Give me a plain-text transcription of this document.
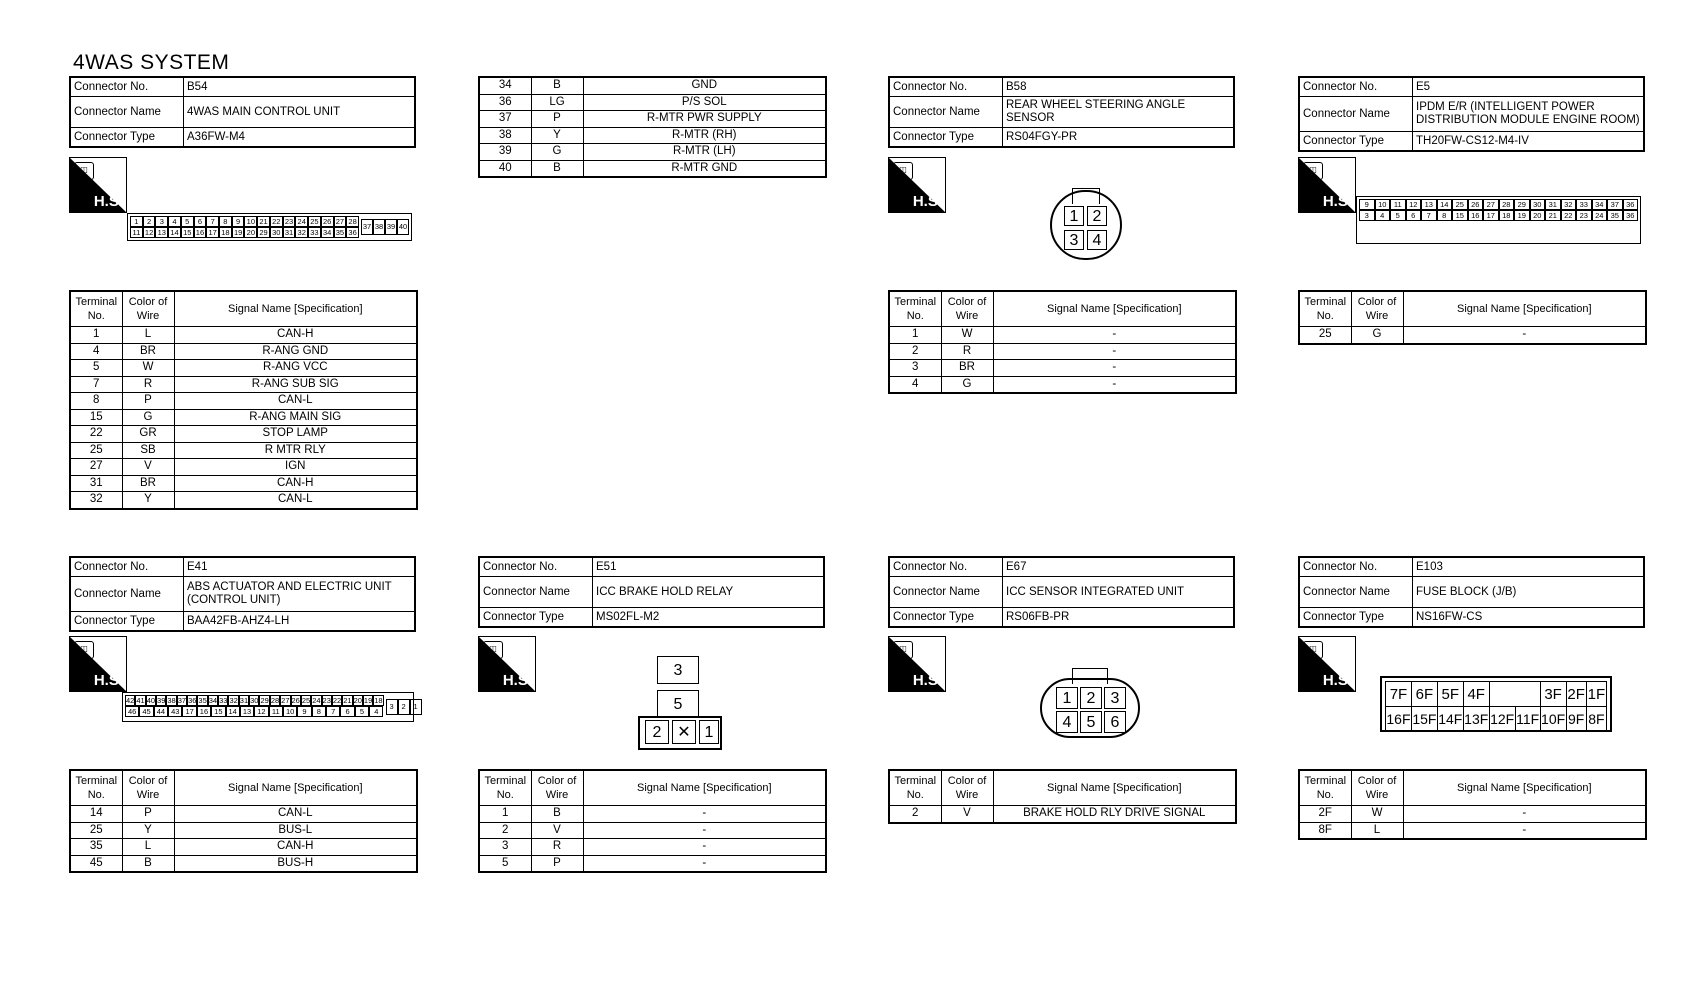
4WAS SYSTEM
Connector No.	B54
Connector Name	4WAS MAIN CONTROL UNIT
Connector Type	A36FW-M4
◫
H.S.
1	2	3	4	5	6	7	8	9 10 21 22 23 24 25 26 27 28
11 12 13 14 15 16 17 18 19 20 29 30 31 32 33 34 35 36
37 38 39 40
Terminal No.	Color of Wire	Signal Name [Specification]
1	L	CAN-H
4	BR	R-ANG GND
5	W	R-ANG VCC
7	R	R-ANG SUB SIG
8	P	CAN-L
15	G	R-ANG MAIN SIG
22	GR	STOP LAMP
25	SB	R MTR RLY
27	V	IGN
31	BR	CAN-H
32	Y	CAN-L
34	B	GND
36	LG	P/S SOL
37	P	R-MTR PWR SUPPLY
38	Y	R-MTR (RH)
39	G	R-MTR (LH)
40	B	R-MTR GND
Connector No.	B58
Connector Name	REAR WHEEL STEERING ANGLE SENSOR
Connector Type	RS04FGY-PR
◫
H.S.
1 2
3 4
Terminal No.	Color of Wire	Signal Name [Specification]
1	W	-
2	R	-
3	BR	-
4	G	-
Connector No.	E5
Connector Name	IPDM E/R (INTELLIGENT POWER DISTRIBUTION MODULE ENGINE ROOM)
Connector Type	TH20FW-CS12-M4-IV
◫
H.S.	9	10 11 12 13 14 25 26 27 28 29 30 31 32 33 34 37 36
3	4	5	6	7	8	15 16 17 18 19 20 21 22 23 24 35 36
Terminal No.	Color of Wire	Signal Name [Specification]
25	G	-
Connector No.	E41
Connector Name	ABS ACTUATOR AND ELECTRIC UNIT (CONTROL UNIT)
Connector Type	BAA42FB-AHZ4-LH
◫
H.S.
42 41 40 39 38 37 36 35 34 33 32 31 30 29 28 27 26 25 24 23 22 21 20 19 18
46 45 44 43 17 16 15 14 13 12 11 10	9	8	7	6	5	4
3	2	1
Terminal No.	Color of Wire	Signal Name [Specification]
14	P	CAN-L
25	Y	BUS-L
35	L	CAN-H
45	B	BUS-H
Connector No.	E51
Connector Name	ICC BRAKE HOLD RELAY
Connector Type	MS02FL-M2
◫
H.S.
3
5
2 ✕ 1
Terminal No.	Color of Wire	Signal Name [Specification]
1	B	-
2	V	-
3	R	-
5	P	-
Connector No.	E67
Connector Name	ICC SENSOR INTEGRATED UNIT
Connector Type	RS06FB-PR
◫
H.S.
1 2 3
4 5 6
Terminal No.	Color of Wire	Signal Name [Specification]
2	V	BRAKE HOLD RLY DRIVE SIGNAL
Connector No.	E103
Connector Name	FUSE BLOCK (J/B)
Connector Type	NS16FW-CS
◫
H.S.
7F	6F	5F	4F			3F	2F	1F
16F	15F	14F	13F	12F	11F	10F	9F	8F
Terminal No.	Color of Wire	Signal Name [Specification]
2F	W	-
8F	L	-
